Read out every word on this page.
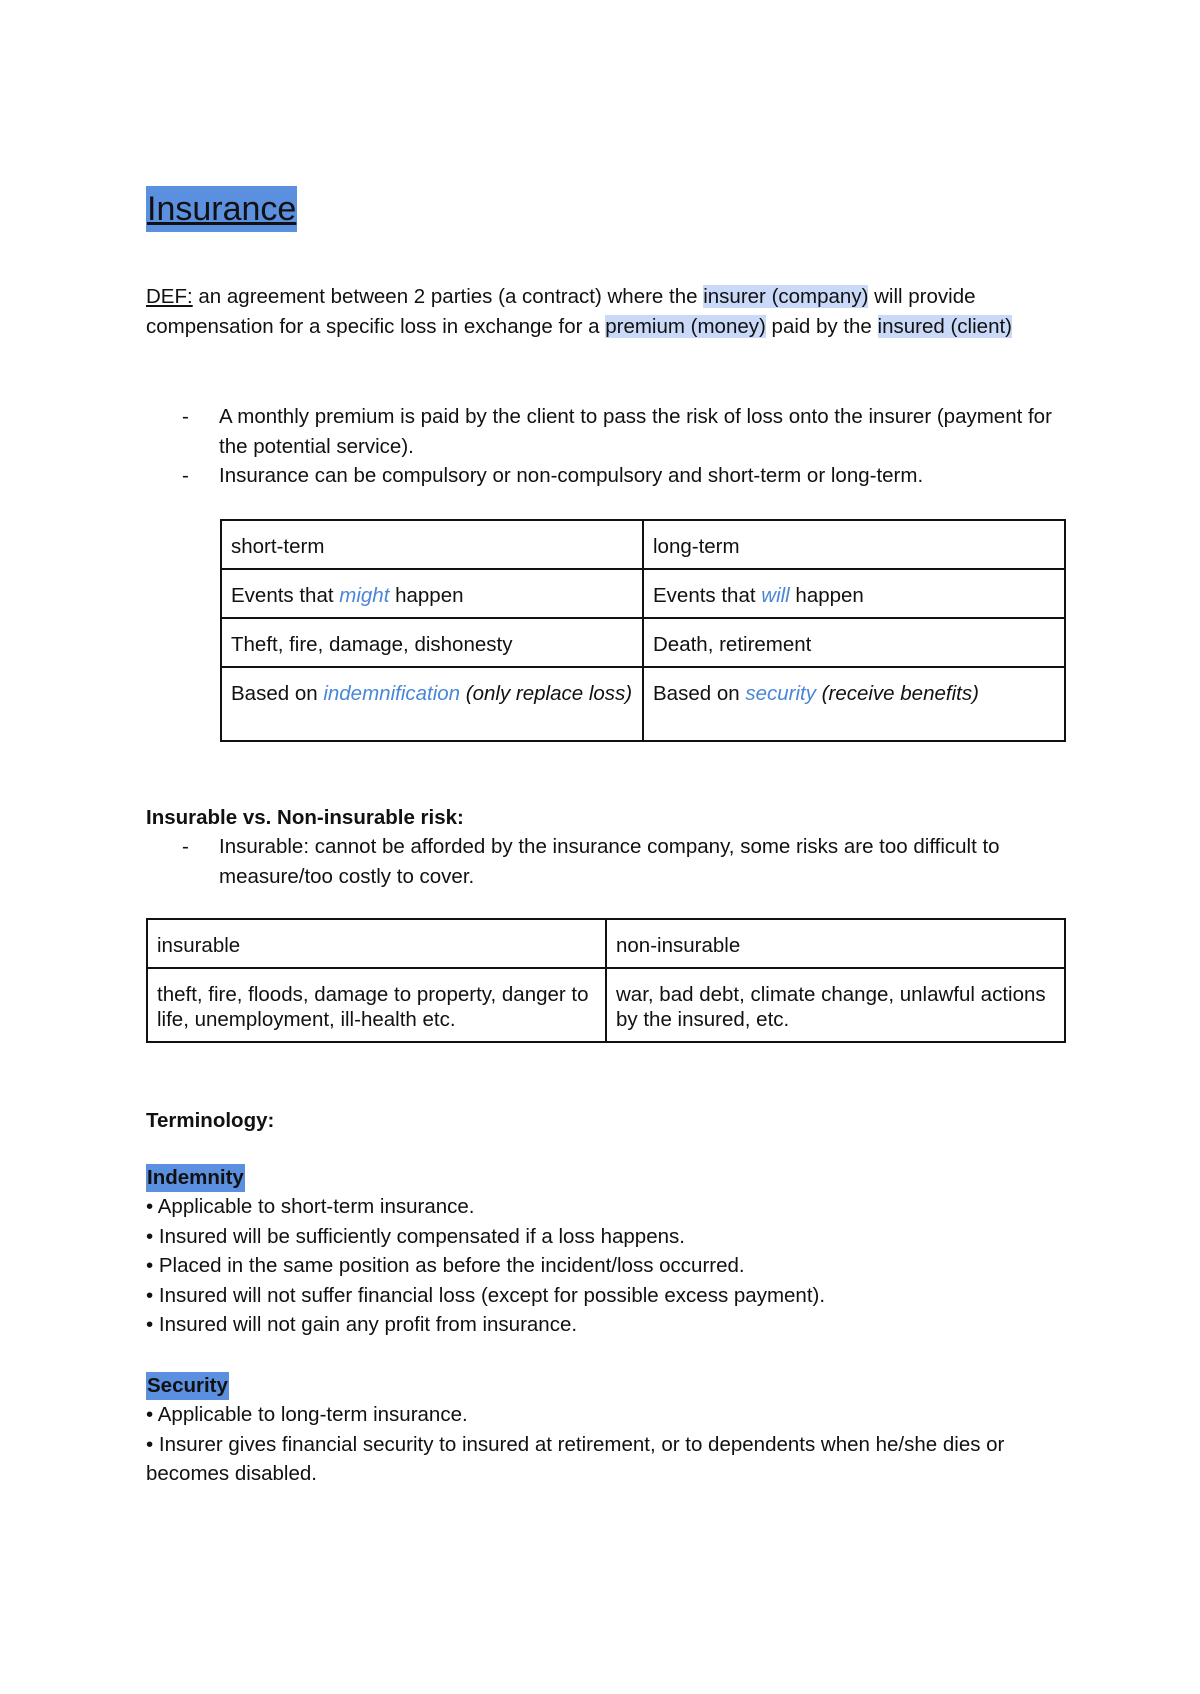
Insurance
DEF: an agreement between 2 parties (a contract) where the insurer (company) will provide compensation for a specific loss in exchange for a premium (money) paid by the insured (client)
- A monthly premium is paid by the client to pass the risk of loss onto the insurer (payment for the potential service).
- Insurance can be compulsory or non-compulsory and short-term or long-term.
short-term	long-term
Events that might happen	Events that will happen
Theft, fire, damage, dishonesty	Death, retirement
Based on indemnification (only replace loss)	Based on security (receive benefits)
Insurable vs. Non-insurable risk:
- Insurable: cannot be afforded by the insurance company, some risks are too difficult to measure/too costly to cover.
insurable	non-insurable
theft, fire, floods, damage to property, danger to life, unemployment, ill-health etc.	war, bad debt, climate change, unlawful actions by the insured, etc.
Terminology:
Indemnity
• Applicable to short-term insurance.
• Insured will be sufficiently compensated if a loss happens.
• Placed in the same position as before the incident/loss occurred.
• Insured will not suffer financial loss (except for possible excess payment).
• Insured will not gain any profit from insurance.
Security
• Applicable to long-term insurance.
• Insurer gives financial security to insured at retirement, or to dependents when he/she dies or becomes disabled.
